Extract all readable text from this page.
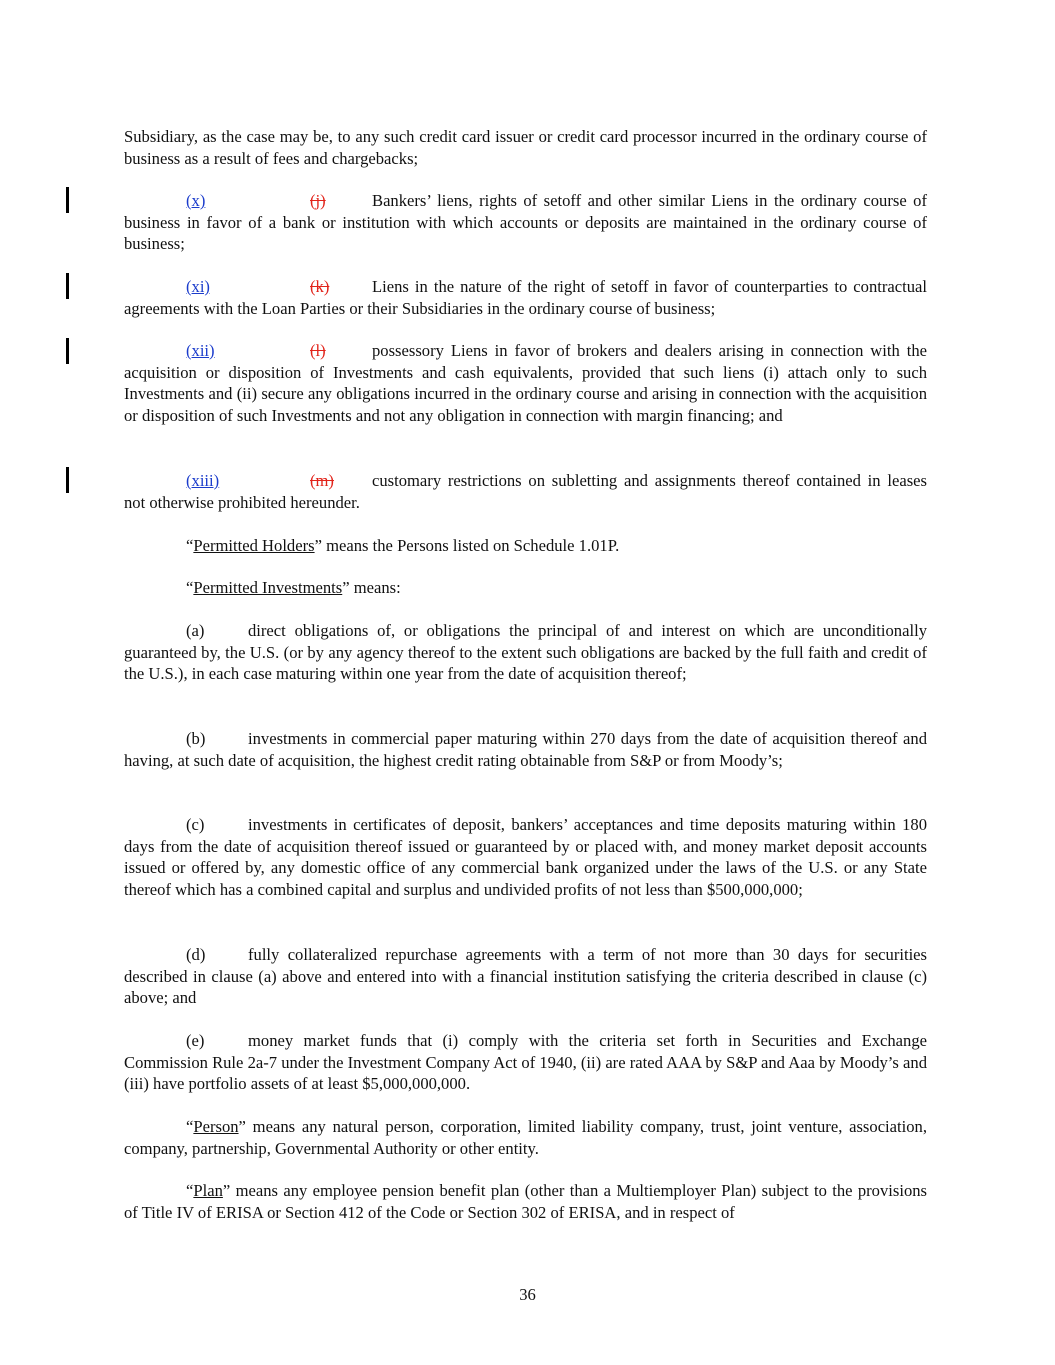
Subsidiary, as the case may be, to any such credit card issuer or credit card processor incurred in the ordinary course of business as a result of fees and chargebacks;

(x)	(j)	Bankers’ liens, rights of setoff and other similar Liens in the ordinary course of business in favor of a bank or institution with which accounts or deposits are maintained in the ordinary course of business;

(xi)	(k)	Liens in the nature of the right of setoff in favor of counterparties to contractual agreements with the Loan Parties or their Subsidiaries in the ordinary course of business;

(xii)	(l)	possessory Liens in favor of brokers and dealers arising in connection with the acquisition or disposition of Investments and cash equivalents, provided that such liens (i) attach only to such Investments and (ii) secure any obligations incurred in the ordinary course and arising in connection with the acquisition or disposition of such Investments and not any obligation in connection with margin financing; and

(xiii)	(m) customary restrictions on subletting and assignments thereof contained in leases not otherwise prohibited hereunder.

“Permitted Holders” means the Persons listed on Schedule 1.01P.

“Permitted Investments” means:

(a)	direct obligations of, or obligations the principal of and interest on which are unconditionally guaranteed by, the U.S. (or by any agency thereof to the extent such obligations are backed by the full faith and credit of the U.S.), in each case maturing within one year from the date of acquisition thereof;

(b)	investments in commercial paper maturing within 270 days from the date of acquisition thereof and having, at such date of acquisition, the highest credit rating obtainable from S&P or from Moody’s;

(c)	investments in certificates of deposit, bankers’ acceptances and time deposits maturing within 180 days from the date of acquisition thereof issued or guaranteed by or placed with, and money market deposit accounts issued or offered by, any domestic office of any commercial bank organized under the laws of the U.S. or any State thereof which has a combined capital and surplus and undivided profits of not less than $500,000,000;

(d)	fully collateralized repurchase agreements with a term of not more than 30 days for securities described in clause (a) above and entered into with a financial institution satisfying the criteria described in clause (c) above; and

(e)	money market funds that (i) comply with the criteria set forth in Securities and Exchange Commission Rule 2a-7 under the Investment Company Act of 1940, (ii) are rated AAA by S&P and Aaa by Moody’s and (iii) have portfolio assets of at least $5,000,000,000.

“Person” means any natural person, corporation, limited liability company, trust, joint venture, association, company, partnership, Governmental Authority or other entity.

“Plan” means any employee pension benefit plan (other than a Multiemployer Plan) subject to the provisions of Title IV of ERISA or Section 412 of the Code or Section 302 of ERISA, and in respect of

36
